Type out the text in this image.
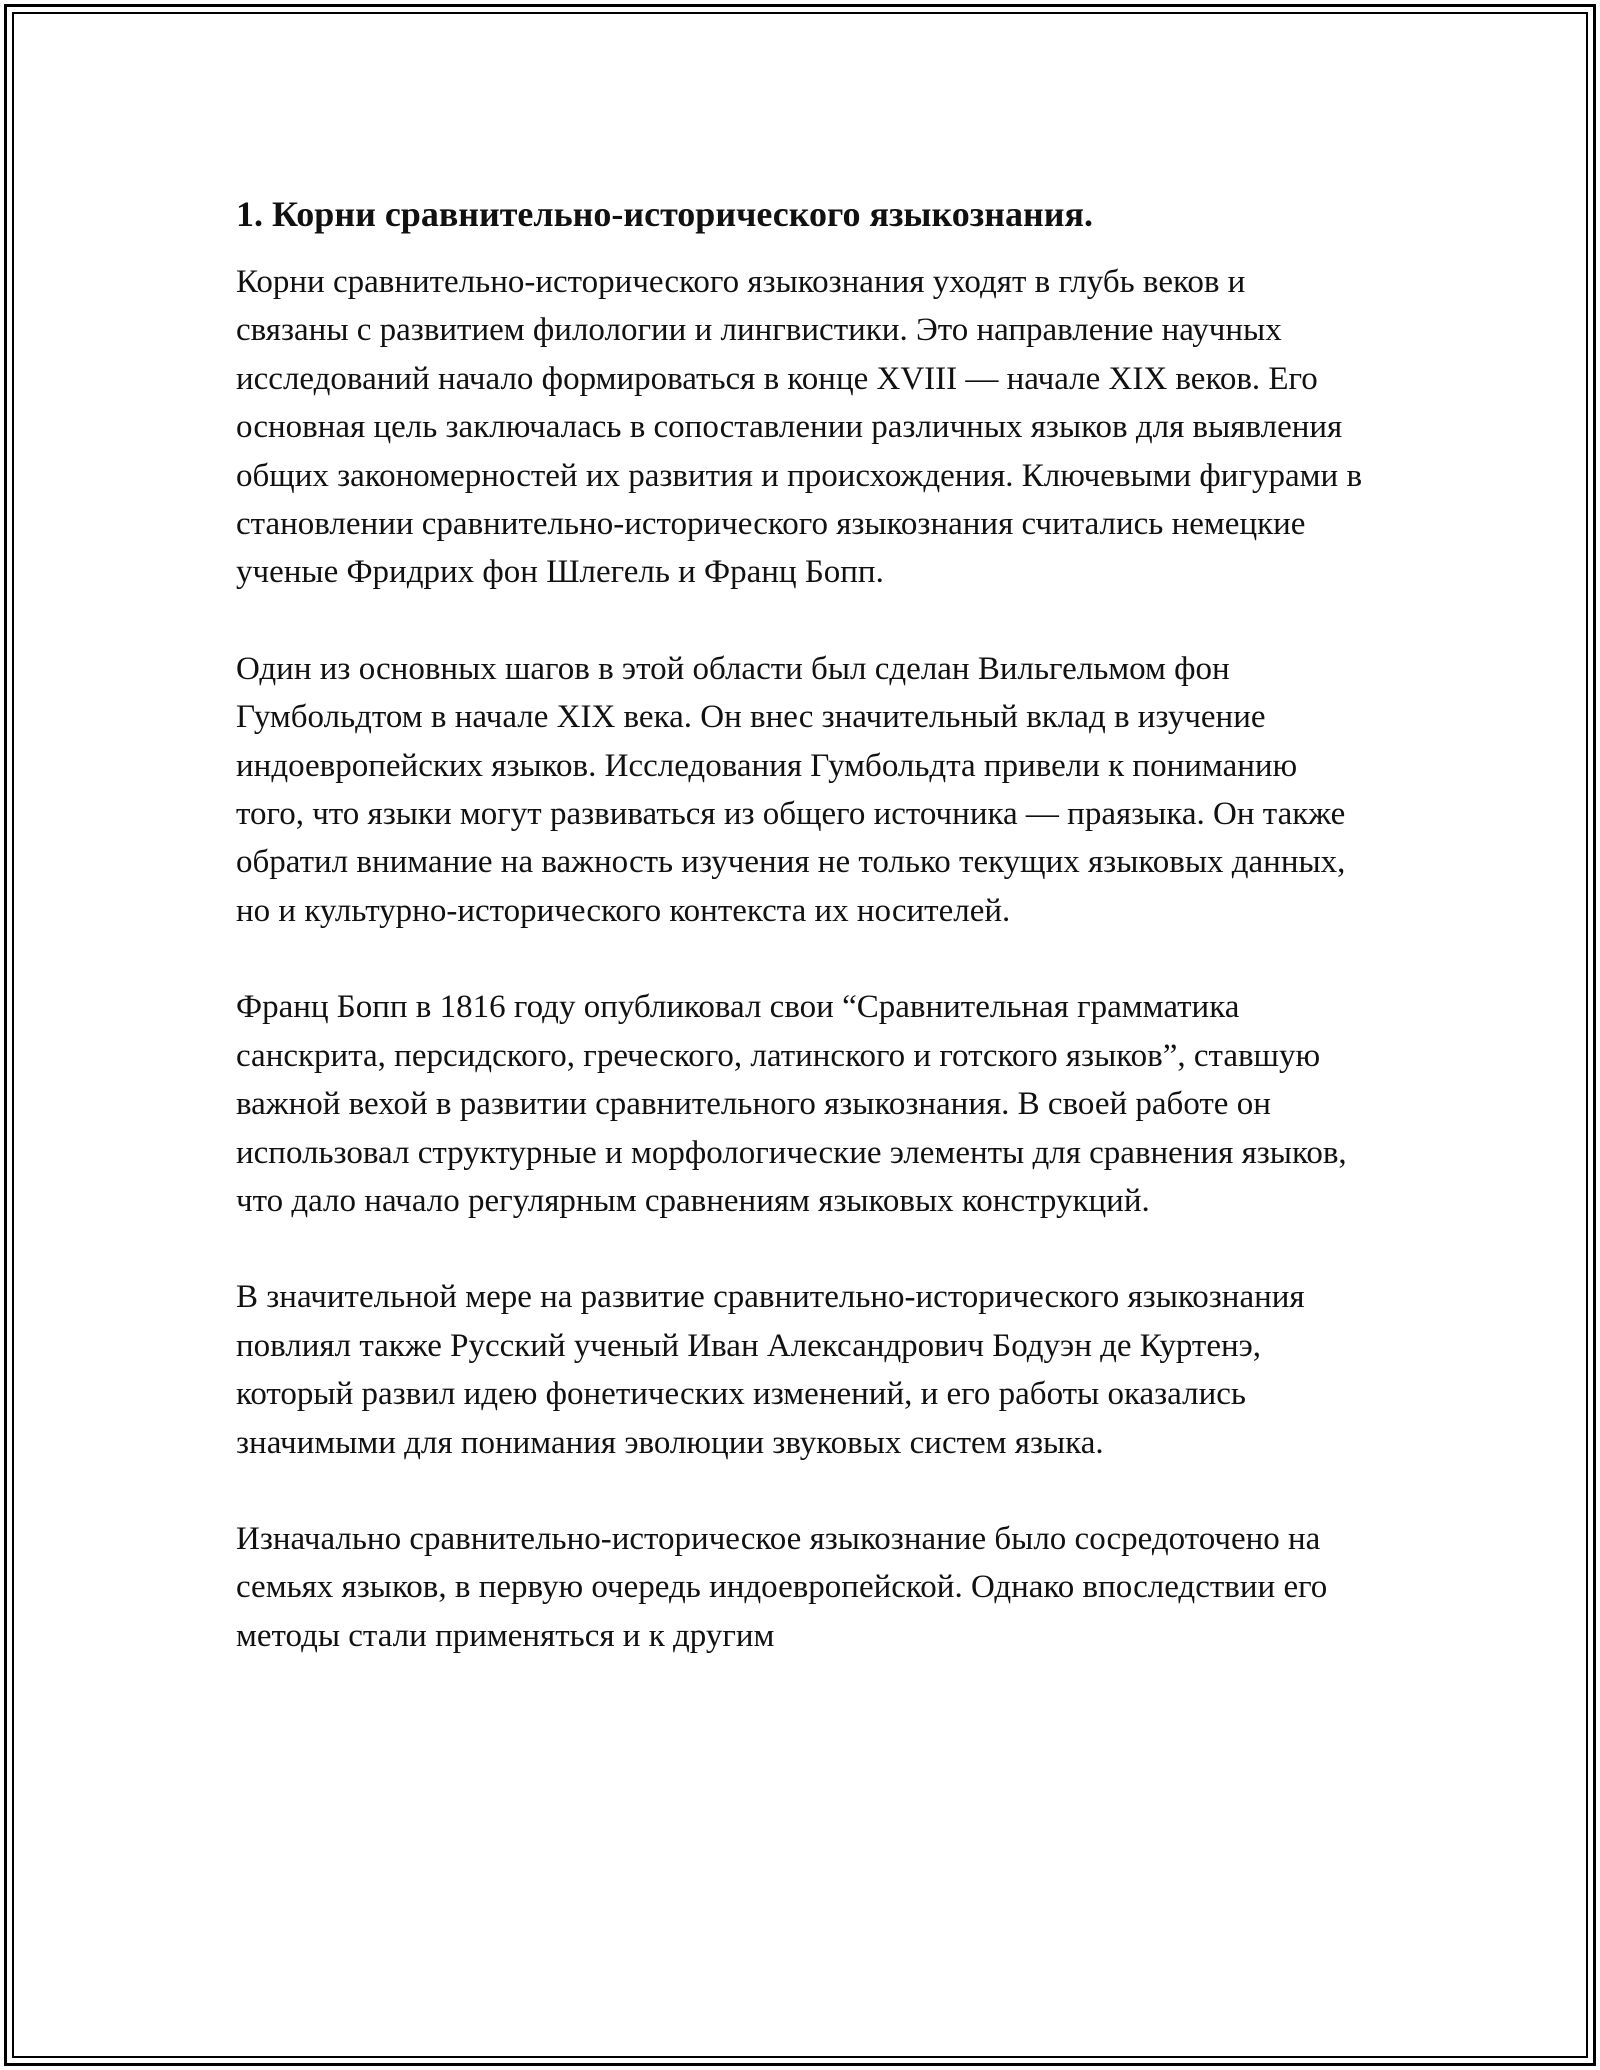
1. Корни сравнительно-исторического языкознания.

Корни сравнительно-исторического языкознания уходят в глубь веков и связаны с развитием филологии и лингвистики. Это направление научных исследований начало формироваться в конце XVIII — начале XIX веков. Его основная цель заключалась в сопоставлении различных языков для выявления общих закономерностей их развития и происхождения. Ключевыми фигурами в становлении сравнительно-исторического языкознания считались немецкие ученые Фридрих фон Шлегель и Франц Бопп.

Один из основных шагов в этой области был сделан Вильгельмом фон Гумбольдтом в начале XIX века. Он внес значительный вклад в изучение индоевропейских языков. Исследования Гумбольдта привели к пониманию того, что языки могут развиваться из общего источника — праязыка. Он также обратил внимание на важность изучения не только текущих языковых данных, но и культурно-исторического контекста их носителей.

Франц Бопп в 1816 году опубликовал свои “Сравнительная грамматика санскрита, персидского, греческого, латинского и готского языков”, ставшую важной вехой в развитии сравнительного языкознания. В своей работе он использовал структурные и морфологические элементы для сравнения языков, что дало начало регулярным сравнениям языковых конструкций.

В значительной мере на развитие сравнительно-исторического языкознания повлиял также Русский ученый Иван Александрович Бодуэн де Куртенэ, который развил идею фонетических изменений, и его работы оказались значимыми для понимания эволюции звуковых систем языка.

Изначально сравнительно-историческое языкознание было сосредоточено на семьях языков, в первую очередь индоевропейской. Однако впоследствии его методы стали применяться и к другим
